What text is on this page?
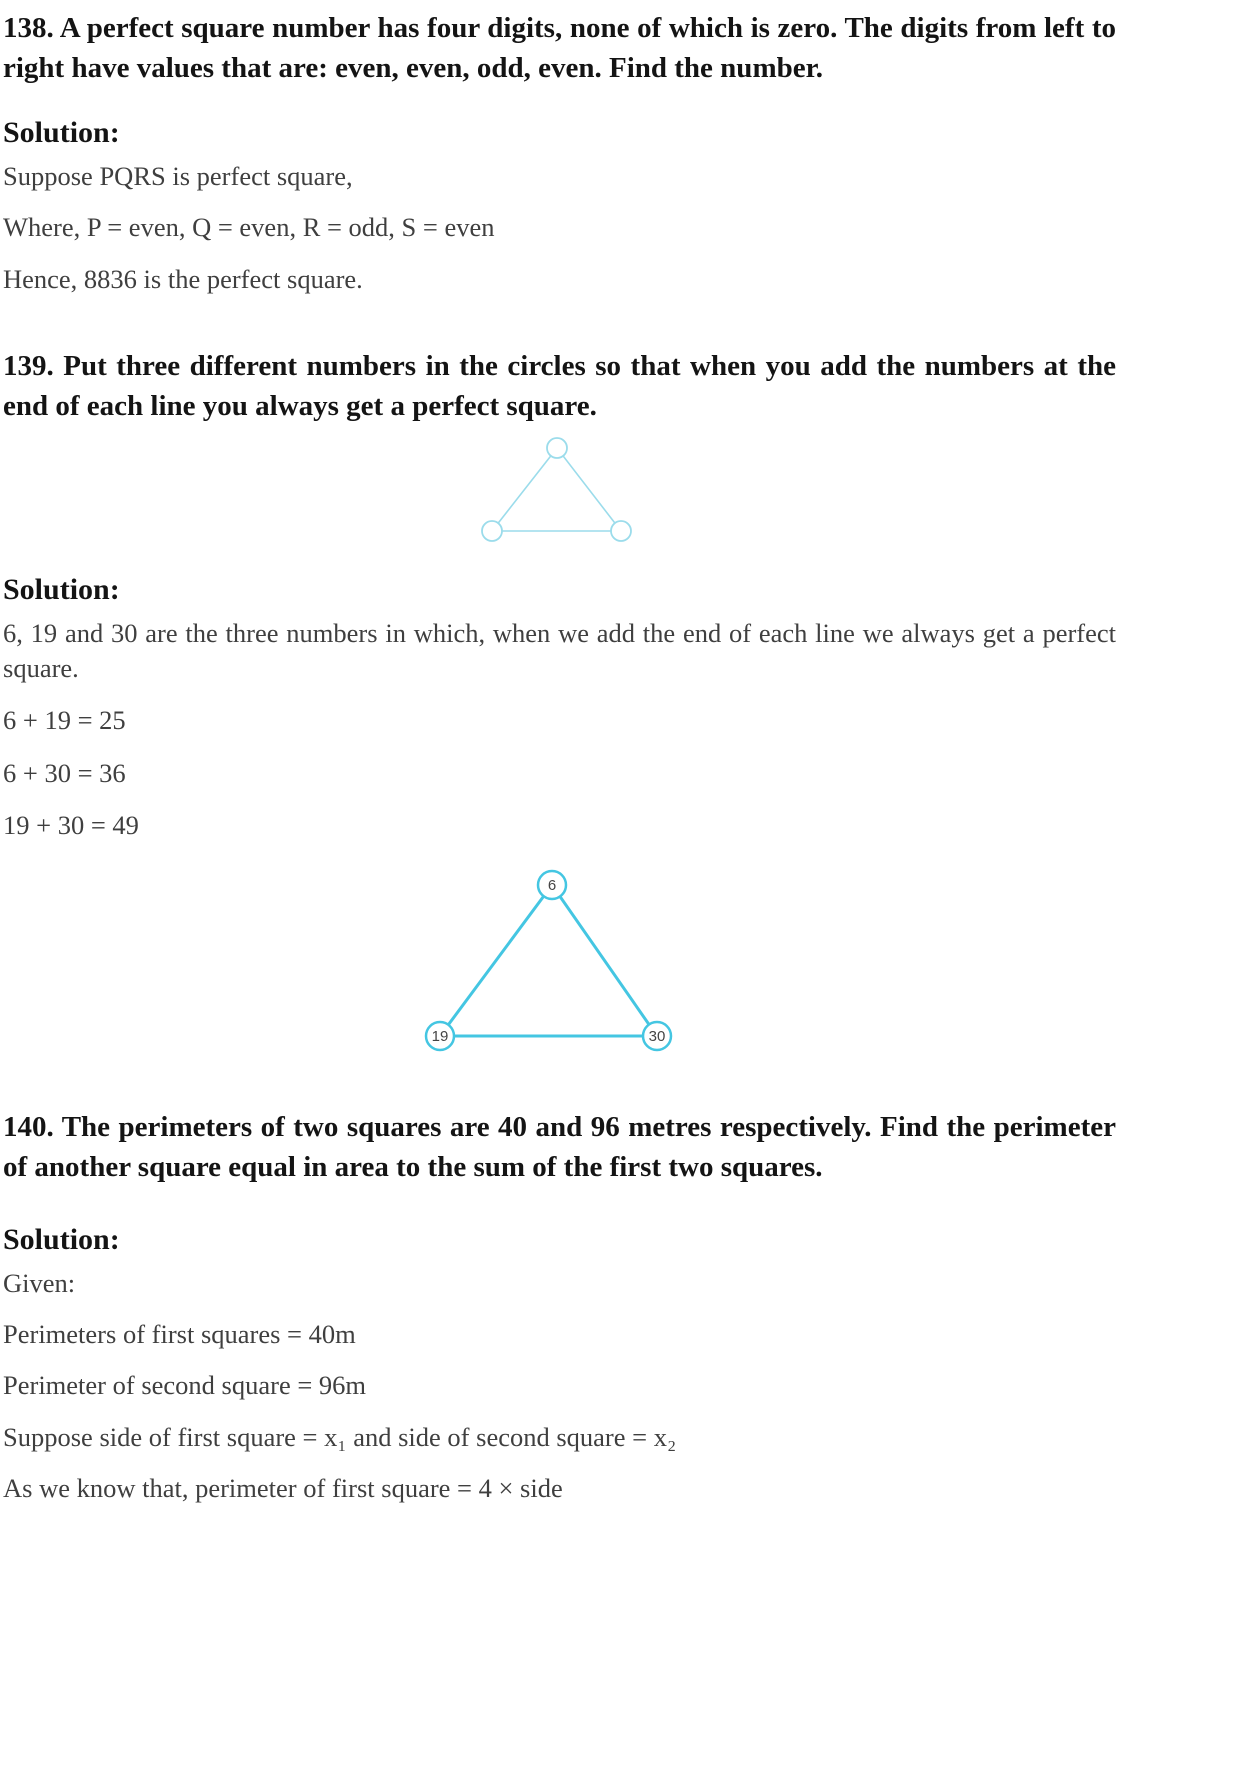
138. A perfect square number has four digits, none of which is zero. The digits from left to right have values that are: even, even, odd, even. Find the number.

Solution:

Suppose PQRS is perfect square,

Where, P = even, Q = even, R = odd, S = even

Hence, 8836 is the perfect square.

139. Put three different numbers in the circles so that when you add the numbers at the end of each line you always get a perfect square.

Solution:

6, 19 and 30 are the three numbers in which, when we add the end of each line we always get a perfect square.

6 + 19 = 25

6 + 30 = 36

19 + 30 = 49

6
19	30

140. The perimeters of two squares are 40 and 96 metres respectively. Find the perimeter of another square equal in area to the sum of the first two squares.

Solution:

Given:

Perimeters of first squares = 40m

Perimeter of second square = 96m

Suppose side of first square = x₁ and side of second square = x₂

As we know that, perimeter of first square = 4 × side
